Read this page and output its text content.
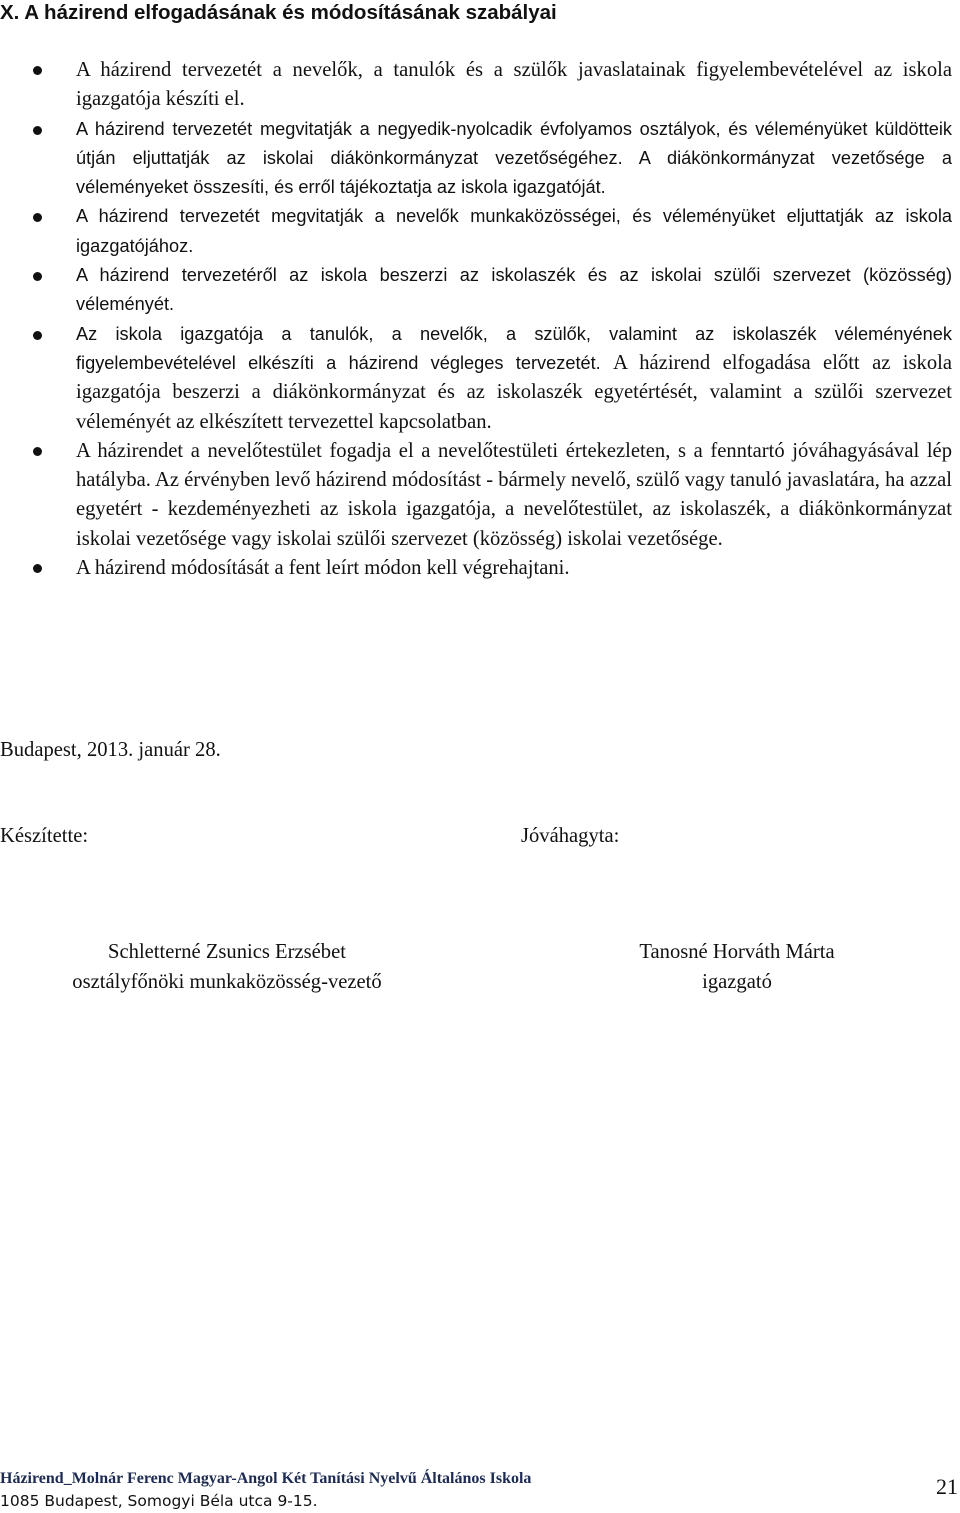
X. A házirend elfogadásának és módosításának szabályai
A házirend tervezetét a nevelők, a tanulók és a szülők javaslatainak figyelembevételével az iskola igazgatója készíti el.
A házirend tervezetét megvitatják a negyedik-nyolcadik évfolyamos osztályok, és véleményüket küldötteik útján eljuttatják az iskolai diákönkormányzat vezetőségéhez. A diákönkormányzat vezetősége a véleményeket összesíti, és erről tájékoztatja az iskola igazgatóját.
A házirend tervezetét megvitatják a nevelők munkaközösségei, és véleményüket eljuttatják az iskola igazgatójához.
A házirend tervezetéről az iskola beszerzi az iskolaszék és az iskolai szülői szervezet (közösség) véleményét.
Az iskola igazgatója a tanulók, a nevelők, a szülők, valamint az iskolaszék véleményének figyelembevételével elkészíti a házirend végleges tervezetét. A házirend elfogadása előtt az iskola igazgatója beszerzi a diákönkormányzat és az iskolaszék egyetértését, valamint a szülői szervezet véleményét az elkészített tervezettel kapcsolatban.
A házirendet a nevelőtestület fogadja el a nevelőtestületi értekezleten, s a fenntartó jóváhagyásával lép hatályba. Az érvényben levő házirend módosítást - bármely nevelő, szülő vagy tanuló javaslatára, ha azzal egyetért - kezdeményezheti az iskola igazgatója, a nevelőtestület, az iskolaszék, a diákönkormányzat iskolai vezetősége vagy iskolai szülői szervezet (közösség) iskolai vezetősége.
A házirend módosítását a fent leírt módon kell végrehajtani.
Budapest, 2013. január 28.
Készítette:	Jóváhagyta:
Schletterné Zsunics Erzsébet
osztályfőnöki munkaközösség-vezető
Tanosné Horváth Márta
igazgató
Házirend_Molnár Ferenc Magyar-Angol Két Tanítási Nyelvű Általános Iskola
1085 Budapest, Somogyi Béla utca 9-15.
21
